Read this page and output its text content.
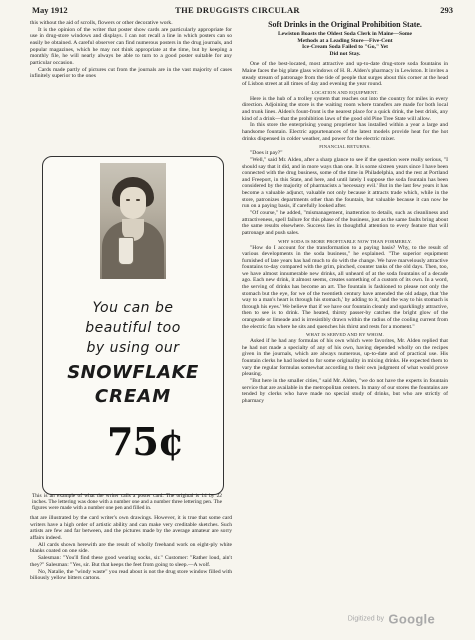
May 1912	THE DRUGGISTS CIRCULAR	293

this without the aid of scrolls, flowers or other decorative work.

It is the opinion of the writer that poster show cards are particularly appropriate for use in drug-store windows and displays. I can not recall a line in which posters can so easily be obtained. A careful observer can find numerous posters in the drug journals, and popular magazines, which he may not think appropriate at the time, but by keeping a monthly file, he will nearly always be able to turn to a good poster suitable for any particular occasion.

Cards made partly of pictures cut from the journals are in the vast majority of cases infinitely superior to the ones

You can be
beautiful too
by using our
SNOWFLAKE
CREAM
75¢
This is an example of what the writer calls a poster card. The original is 14 by 22 inches. The lettering was done with a number one and a number three lettering pen. The figures were made with a number one pen and filled in.

that are illustrated by the card writer's own drawings. However, it is true that some card writers have a high order of artistic ability and can make very creditable sketches. Such artists are few and far between, and the pictures made by the average amateur are sorry affairs indeed.

All cards shown herewith are the result of wholly freehand work on eight-ply white blanks coated on one side.

Salesman: "You'll find these good wearing socks, sir." Customer: "Rather loud, ain't they?" Salesman: "Yes, sir. But that keeps the feet from going to sleep.—A wolf.

No, Natalie, the "windy waste" you read about is not the drug store window filled with biliously yellow bitters cartons.

Soft Drinks in the Original Prohibition State.
Lewiston Boasts the Oldest Soda Clerk in Maine—Some
Methods at a Leading Store—Five-Cent
Ice-Cream Soda Failed to "Go," Yet
Did not Stay.

One of the best-located, most attractive and up-to-date drug-store soda fountains in Maine faces the big plate glass windows of H. R. Alden's pharmacy in Lewiston. It invites a steady stream of patronage from the tide of people that surges about this corner at the head of Lisbon street at all times of day and evening the year round.

LOCATION AND EQUIPMENT.

Here is the hub of a trolley system that reaches out into the country for miles in every direction. Adjoining the store is the waiting room where transfers are made for both local and trunk lines. Alden's fount-front is the nearest place for a quick drink, the best drink, any kind of a drink—that the prohibition laws of the good old Pine Tree State will allow.

In this store the enterprising young proprietor has installed within a year a large and handsome fountain. Electric appurtenances of the latest models provide heat for the hot drinks dispensed in colder weather, and power for the electric mixer.

FINANCIAL RETURNS.

"Does it pay?"

"Well," said Mr. Alden, after a sharp glance to see if the question were really serious, "I should say that it did, and in more ways than one. It is some sixteen years since I have been connected with the drug business, some of the time in Philadelphia, and the rest at Portland and Freeport, in this State, and here, and until lately I suppose the soda fountain has been considered by the majority of pharmacists a 'necessary evil.' But in the last few years it has become a valuable adjunct, valuable not only because it attracts trade which, while in the store, patronizes departments other than the fountain, but valuable because it can now be run on a paying basis, if carefully looked after.

"Of course," he added, "mismanagement, inattention to details, such as cleanliness and attractiveness, spell failure for this phase of the business, just as the same faults bring about the same results elsewhere. Success lies in thoughtful attention to every feature that will patronage and push sales.

WHY SODA IS MORE PROFITABLE NOW THAN FORMERLY.

"How do I account for the transformation to a paying basis? Why, to the result of various developments in the soda business," he explained. "The superior equipment furnished of late years has had much to do with the change. We have marvelously attractive fountains to-day compared with the grim, pinched, counter tanks of the old days. Then, too, we have almost innumerable new drinks, all unheard of at the soda fountains of a decade ago. Each new drink, it almost seems, creates something of a custom of its own. In a word, the serving of drinks has become an art. The fountain is fashioned to please not only the stomach but the eye, for we of the twentieth century have amended the old adage, that 'the way to a man's heart is through his stomach,' by adding to it, 'and the way to his stomach is through his eyes.' We believe that if we have our fountain cleanly and sparklingly attractive, then to see is to drink. The heated, thirsty passer-by catches the bright glow of the orangeade or limeade and is irresistibly drawn within the radius of the cooling current from the electric fan where he sits and quenches his thirst and rests for a moment."

WHAT IS SERVED AND BY WHOM.

Asked if he had any formulas of his own which were favorites, Mr. Alden replied that he had not made a specialty of any of his own, having depended wholly on the recipes given in the journals, which are always numerous, up-to-date and of practical use. His fountain clerks he had looked to for some originality in mixing drinks. He expected them to vary the regular formulas somewhat according to their own judgment of what would prove pleasing.

"But here in the smaller cities," said Mr. Alden, "we do not have the experts in fountain service that are available in the metropolitan centers. In many of our stores the fountains are tended by clerks who have made no special study of drinks, but who are strictly of pharmacy

Digitized by Google
